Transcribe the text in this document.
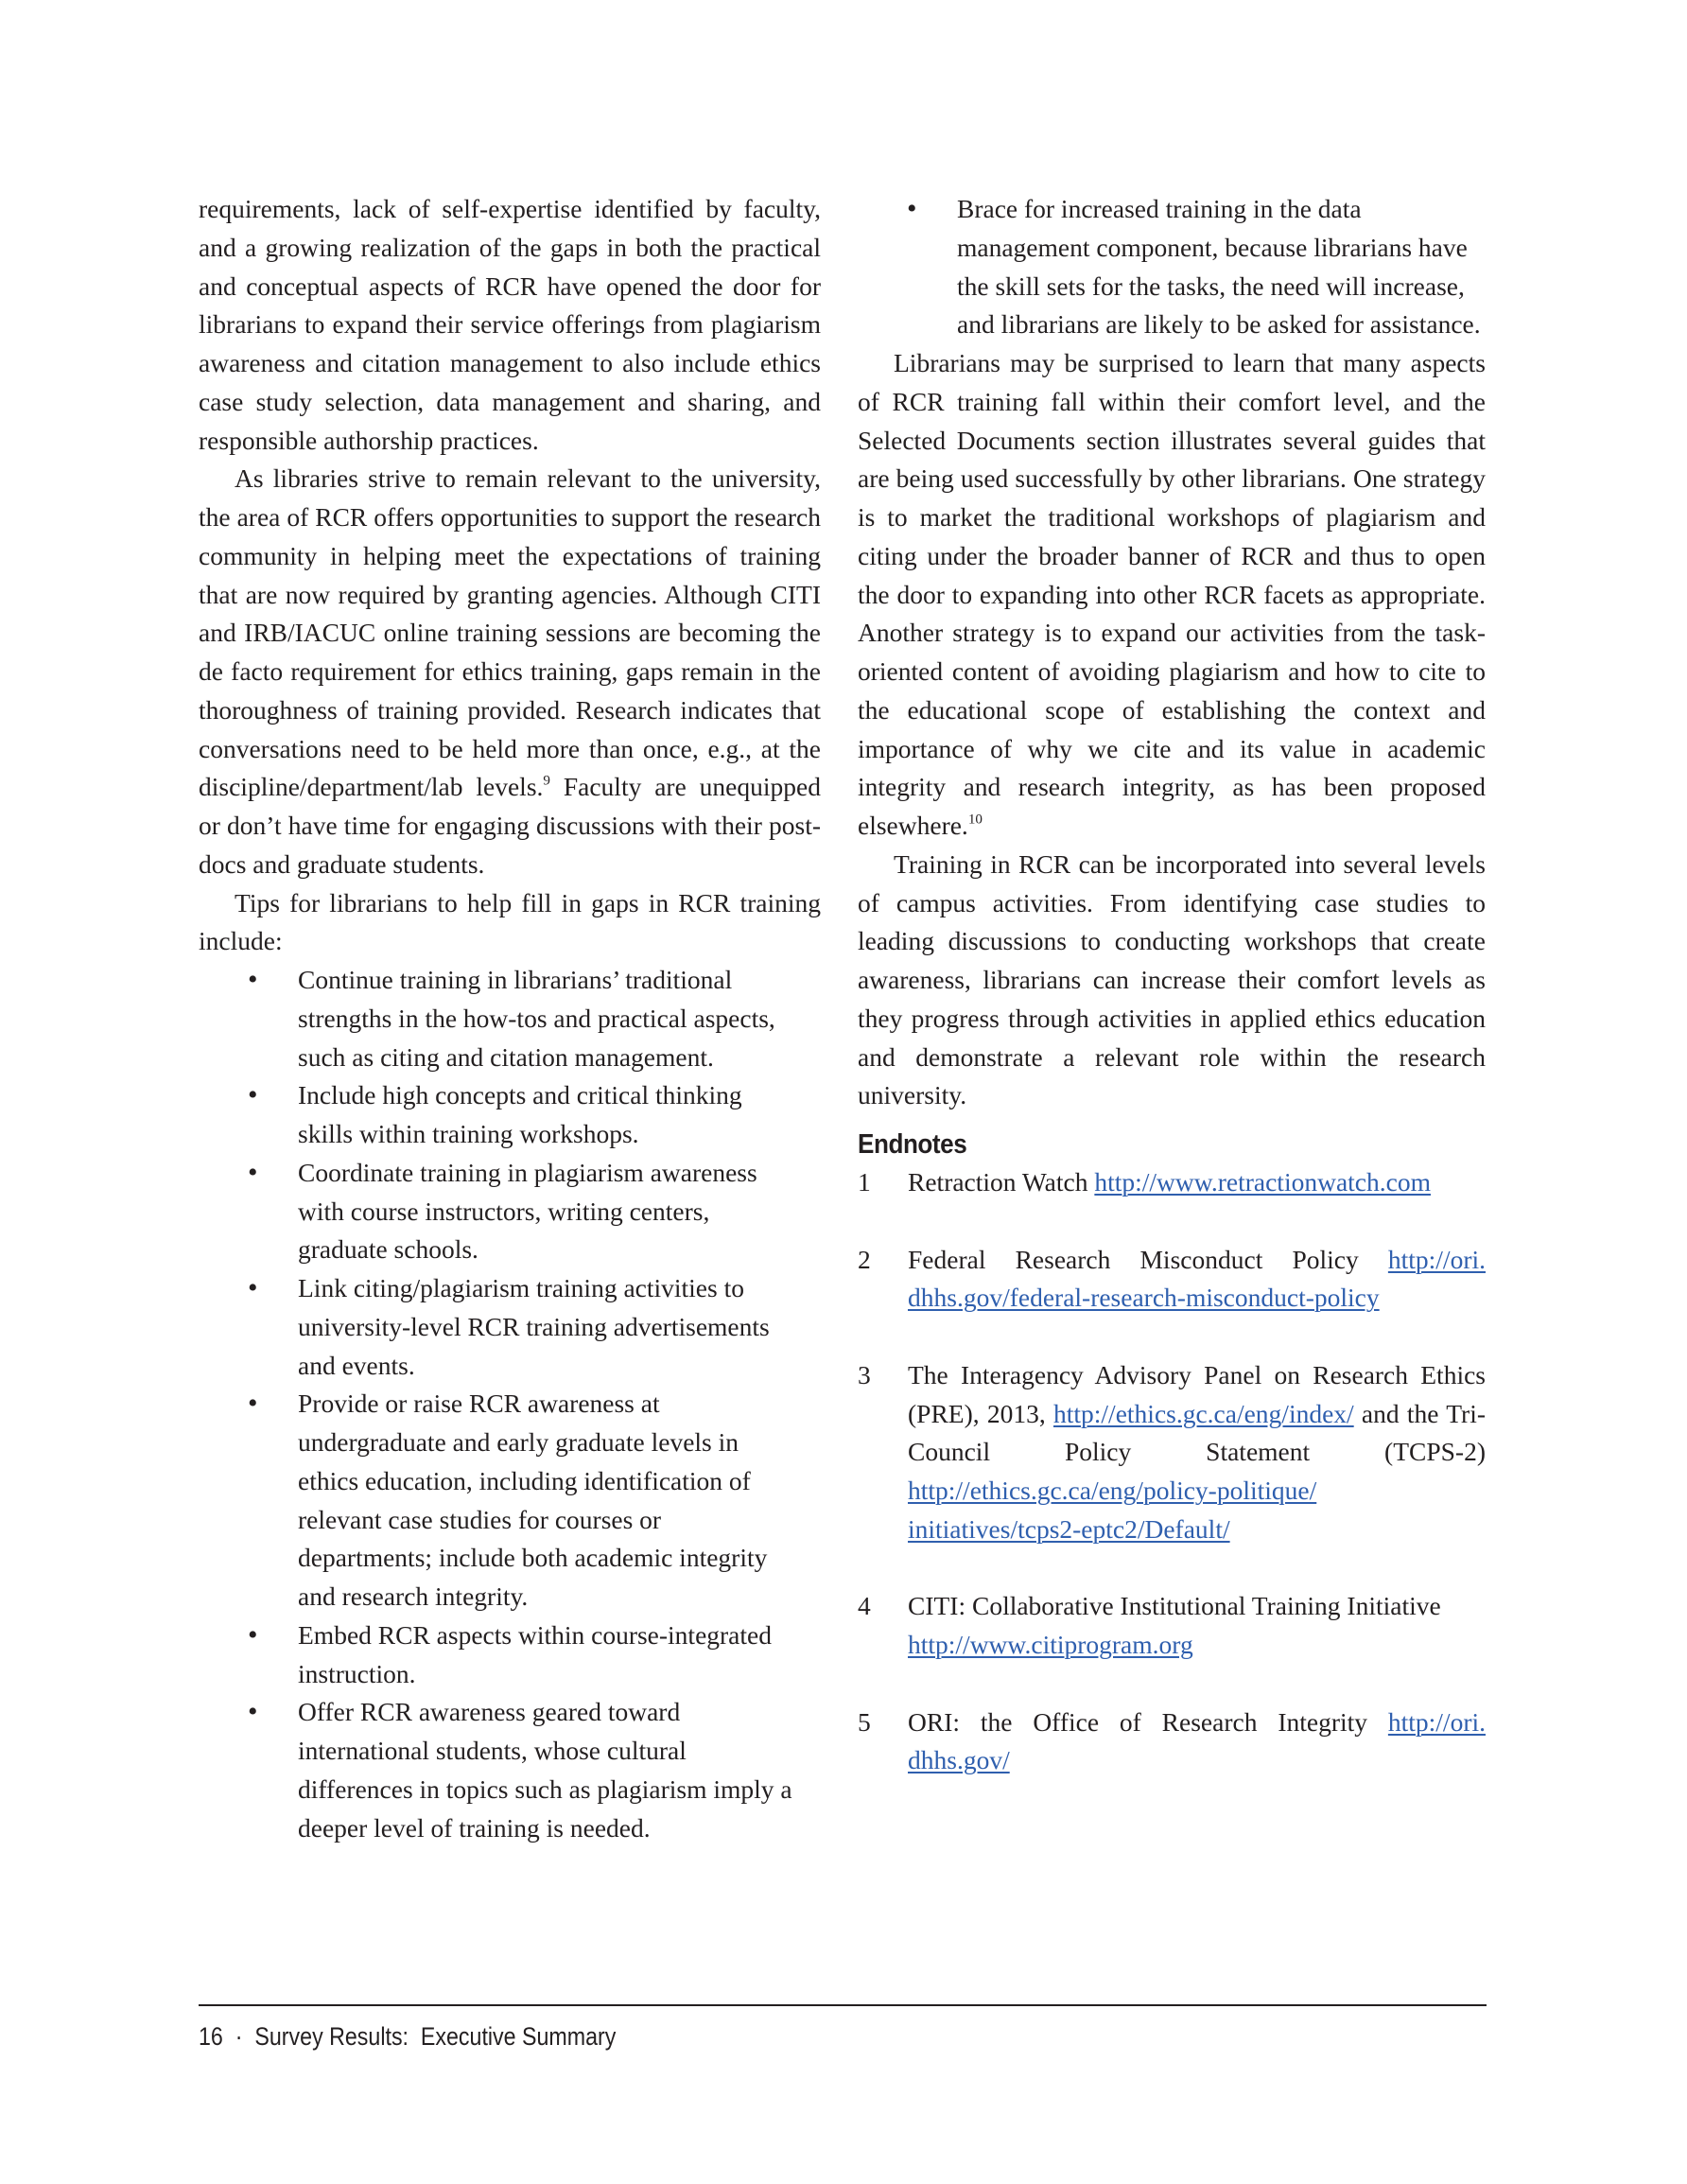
requirements, lack of self-expertise identified by faculty, and a growing realization of the gaps in both the practical and conceptual aspects of RCR have opened the door for librarians to expand their service offerings from plagiarism awareness and citation management to also include ethics case study selection, data management and sharing, and responsible authorship practices.

As libraries strive to remain relevant to the university, the area of RCR offers opportunities to support the research community in helping meet the expectations of training that are now required by granting agencies. Although CITI and IRB/IACUC online training sessions are becoming the de facto requirement for ethics training, gaps remain in the thoroughness of training provided. Research indicates that conversations need to be held more than once, e.g., at the discipline/department/lab levels.$^9$ Faculty are unequipped or don’t have time for engaging discussions with their post-docs and graduate students.

Tips for librarians to help fill in gaps in RCR training include:

• Continue training in librarians’ traditional strengths in the how-tos and practical aspects, such as citing and citation management.
• Include high concepts and critical thinking skills within training workshops.
• Coordinate training in plagiarism awareness with course instructors, writing centers, graduate schools.
• Link citing/plagiarism training activities to university-level RCR training advertisements and events.
• Provide or raise RCR awareness at undergraduate and early graduate levels in ethics education, including identification of relevant case studies for courses or departments; include both academic integrity and research integrity.
• Embed RCR aspects within course-integrated instruction.
• Offer RCR awareness geared toward international students, whose cultural differences in topics such as plagiarism imply a deeper level of training is needed.
• Brace for increased training in the data management component, because librarians have the skill sets for the tasks, the need will increase, and librarians are likely to be asked for assistance.

Librarians may be surprised to learn that many aspects of RCR training fall within their comfort level, and the Selected Documents section illustrates several guides that are being used successfully by other librarians. One strategy is to market the traditional workshops of plagiarism and citing under the broader banner of RCR and thus to open the door to expanding into other RCR facets as appropriate. Another strategy is to expand our activities from the task-oriented content of avoiding plagiarism and how to cite to the educational scope of establishing the context and importance of why we cite and its value in academic integrity and research integrity, as has been proposed elsewhere.$^{10}$

Training in RCR can be incorporated into several levels of campus activities. From identifying case studies to leading discussions to conducting workshops that create awareness, librarians can increase their comfort levels as they progress through activities in applied ethics education and demonstrate a relevant role within the research university.

Endnotes
1 Retraction Watch http://www.retractionwatch.​com
2 Federal Research Misconduct Policy http://ori.​dhhs.gov/federal-research-misconduct-policy
3 The Interagency Advisory Panel on Research Ethics (PRE), 2013, http://ethics.gc.ca/eng/index/ and the Tri-Council Policy Statement (TCPS-2) http://ethics.gc.ca/eng/policy-politique/​initiatives/tcps2-eptc2/Default/
4 CITI: Collaborative Institutional Training Initiative
http://www.citiprogram.org
5 ORI: the Office of Research Integrity http://ori.​dhhs.gov/
16 · Survey Results:  Executive Summary
